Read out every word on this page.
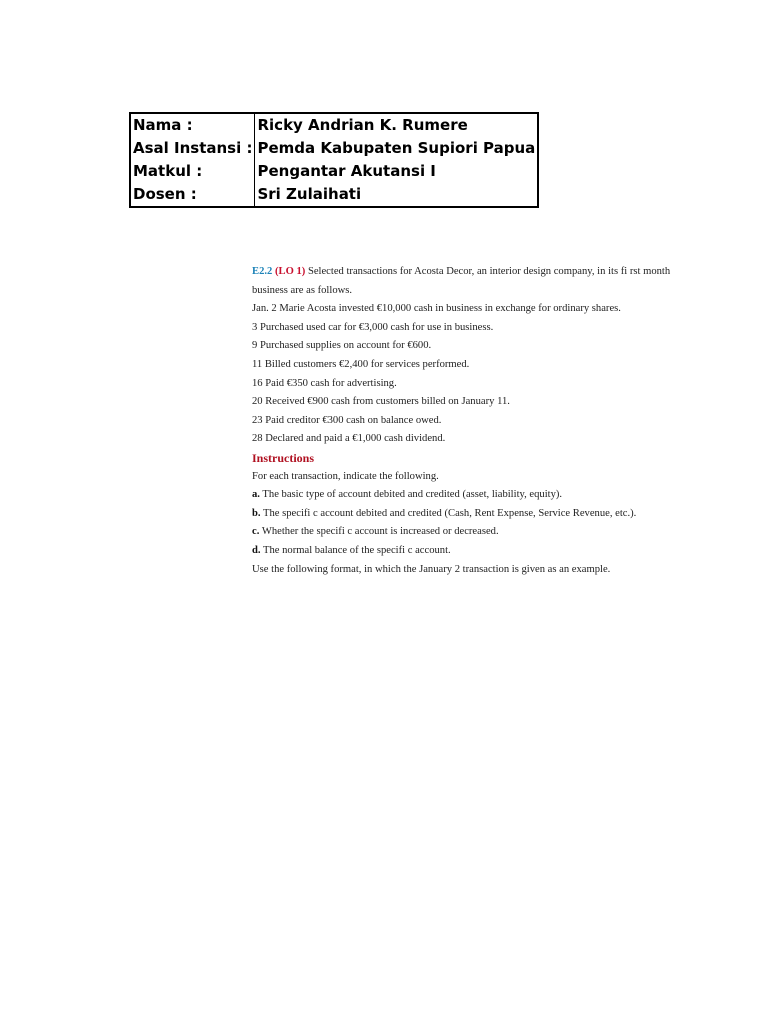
Nama :	Ricky Andrian K. Rumere
Asal Instansi :	Pemda Kabupaten Supiori Papua
Matkul :	Pengantar Akutansi I
Dosen :	Sri Zulaihati

E2.2 (LO 1) Selected transactions for Acosta Decor, an interior design company, in its fi rst month

business are as follows.

Jan. 2 Marie Acosta invested €10,000 cash in business in exchange for ordinary shares.

3 Purchased used car for €3,000 cash for use in business.

9 Purchased supplies on account for €600.

11 Billed customers €2,400 for services performed.

16 Paid €350 cash for advertising.

20 Received €900 cash from customers billed on January 11.

23 Paid creditor €300 cash on balance owed.

28 Declared and paid a €1,000 cash dividend.

Instructions

For each transaction, indicate the following.

a. The basic type of account debited and credited (asset, liability, equity).

b. The specifi c account debited and credited (Cash, Rent Expense, Service Revenue, etc.).

c. Whether the specifi c account is increased or decreased.

d. The normal balance of the specifi c account.

Use the following format, in which the January 2 transaction is given as an example.
